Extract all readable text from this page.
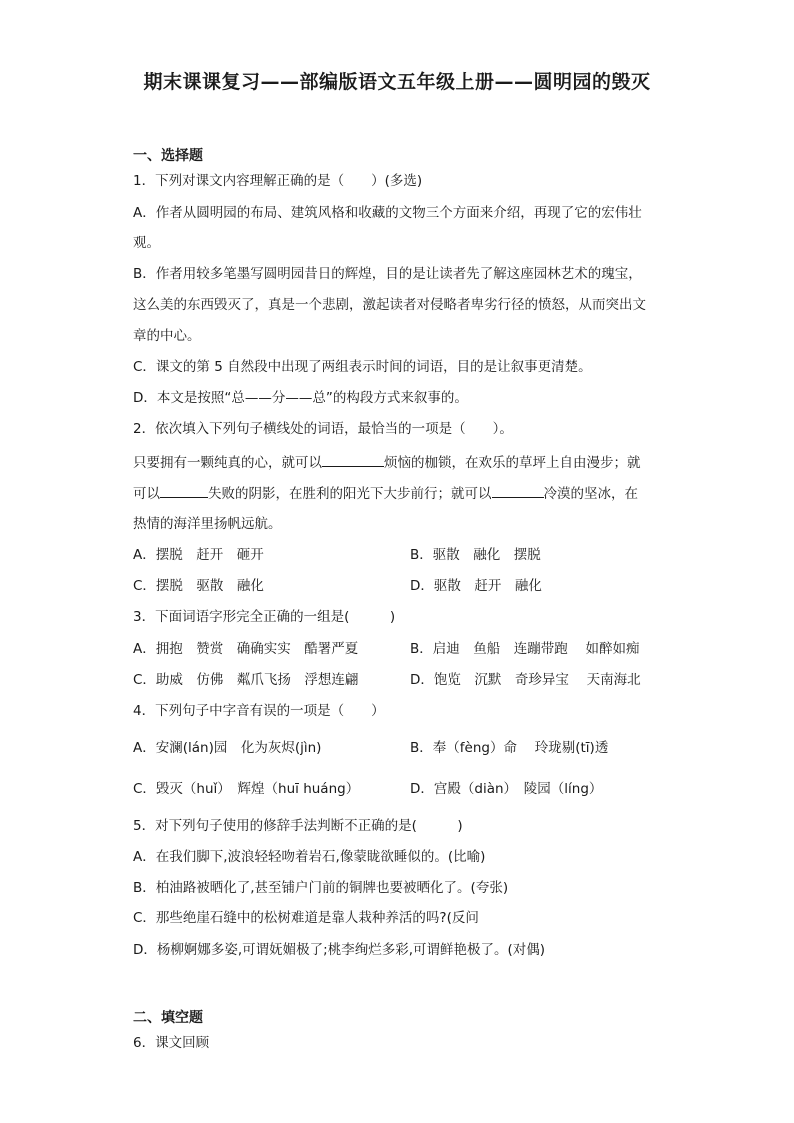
期末课课复习——部编版语文五年级上册——圆明园的毁灭
一、选择题
1．下列对课文内容理解正确的是（　　）(多选)
A．作者从圆明园的布局、建筑风格和收藏的文物三个方面来介绍，再现了它的宏伟壮
观。
B．作者用较多笔墨写圆明园昔日的辉煌，目的是让读者先了解这座园林艺术的瑰宝，
这么美的东西毁灭了，真是一个悲剧，激起读者对侵略者卑劣行径的愤怒，从而突出文
章的中心。
C．课文的第 5 自然段中出现了两组表示时间的词语，目的是让叙事更清楚。
D．本文是按照“总——分——总”的构段方式来叙事的。
2．依次填入下列句子横线处的词语，最恰当的一项是（　　）。
只要拥有一颗纯真的心，就可以	烦恼的枷锁，在欢乐的草坪上自由漫步；就
可以	失败的阴影，在胜利的阳光下大步前行；就可以	冷漠的坚冰，在
热情的海洋里扬帆远航。
A．摆脱　赶开　砸开	B．驱散　融化　摆脱
C．摆脱　驱散　融化	D．驱散　赶开　融化
3．下面词语字形完全正确的一组是(　　　)
A．拥抱　赞赏　确确实实　酷署严夏	B．启迪　鱼船　连蹦带跑　 如醉如痴
C．助威　仿佛　粼爪飞扬　浮想连翩	D．饱览　沉默　奇珍异宝　 天南海北
4．下列句子中字音有误的一项是（　　）
A．安澜(lán)园　化为灰烬(jìn)	B．奉（fèng）命　 玲珑剔(tī)透
C．毁灭（huǐ）　辉煌（huī huáng）	D．宫殿（diàn）　陵园（líng）
5．对下列句子使用的修辞手法判断不正确的是(　　　)
A．在我们脚下,波浪轻轻吻着岩石,像蒙眬欲睡似的。(比喻)
B．柏油路被晒化了,甚至铺户门前的铜牌也要被晒化了。(夸张)
C．那些绝崖石缝中的松树难道是靠人栽种养活的吗?(反问
D．杨柳婀娜多姿,可谓妩媚极了;桃李绚烂多彩,可谓鲜艳极了。(对偶)
二、填空题
6．课文回顾
